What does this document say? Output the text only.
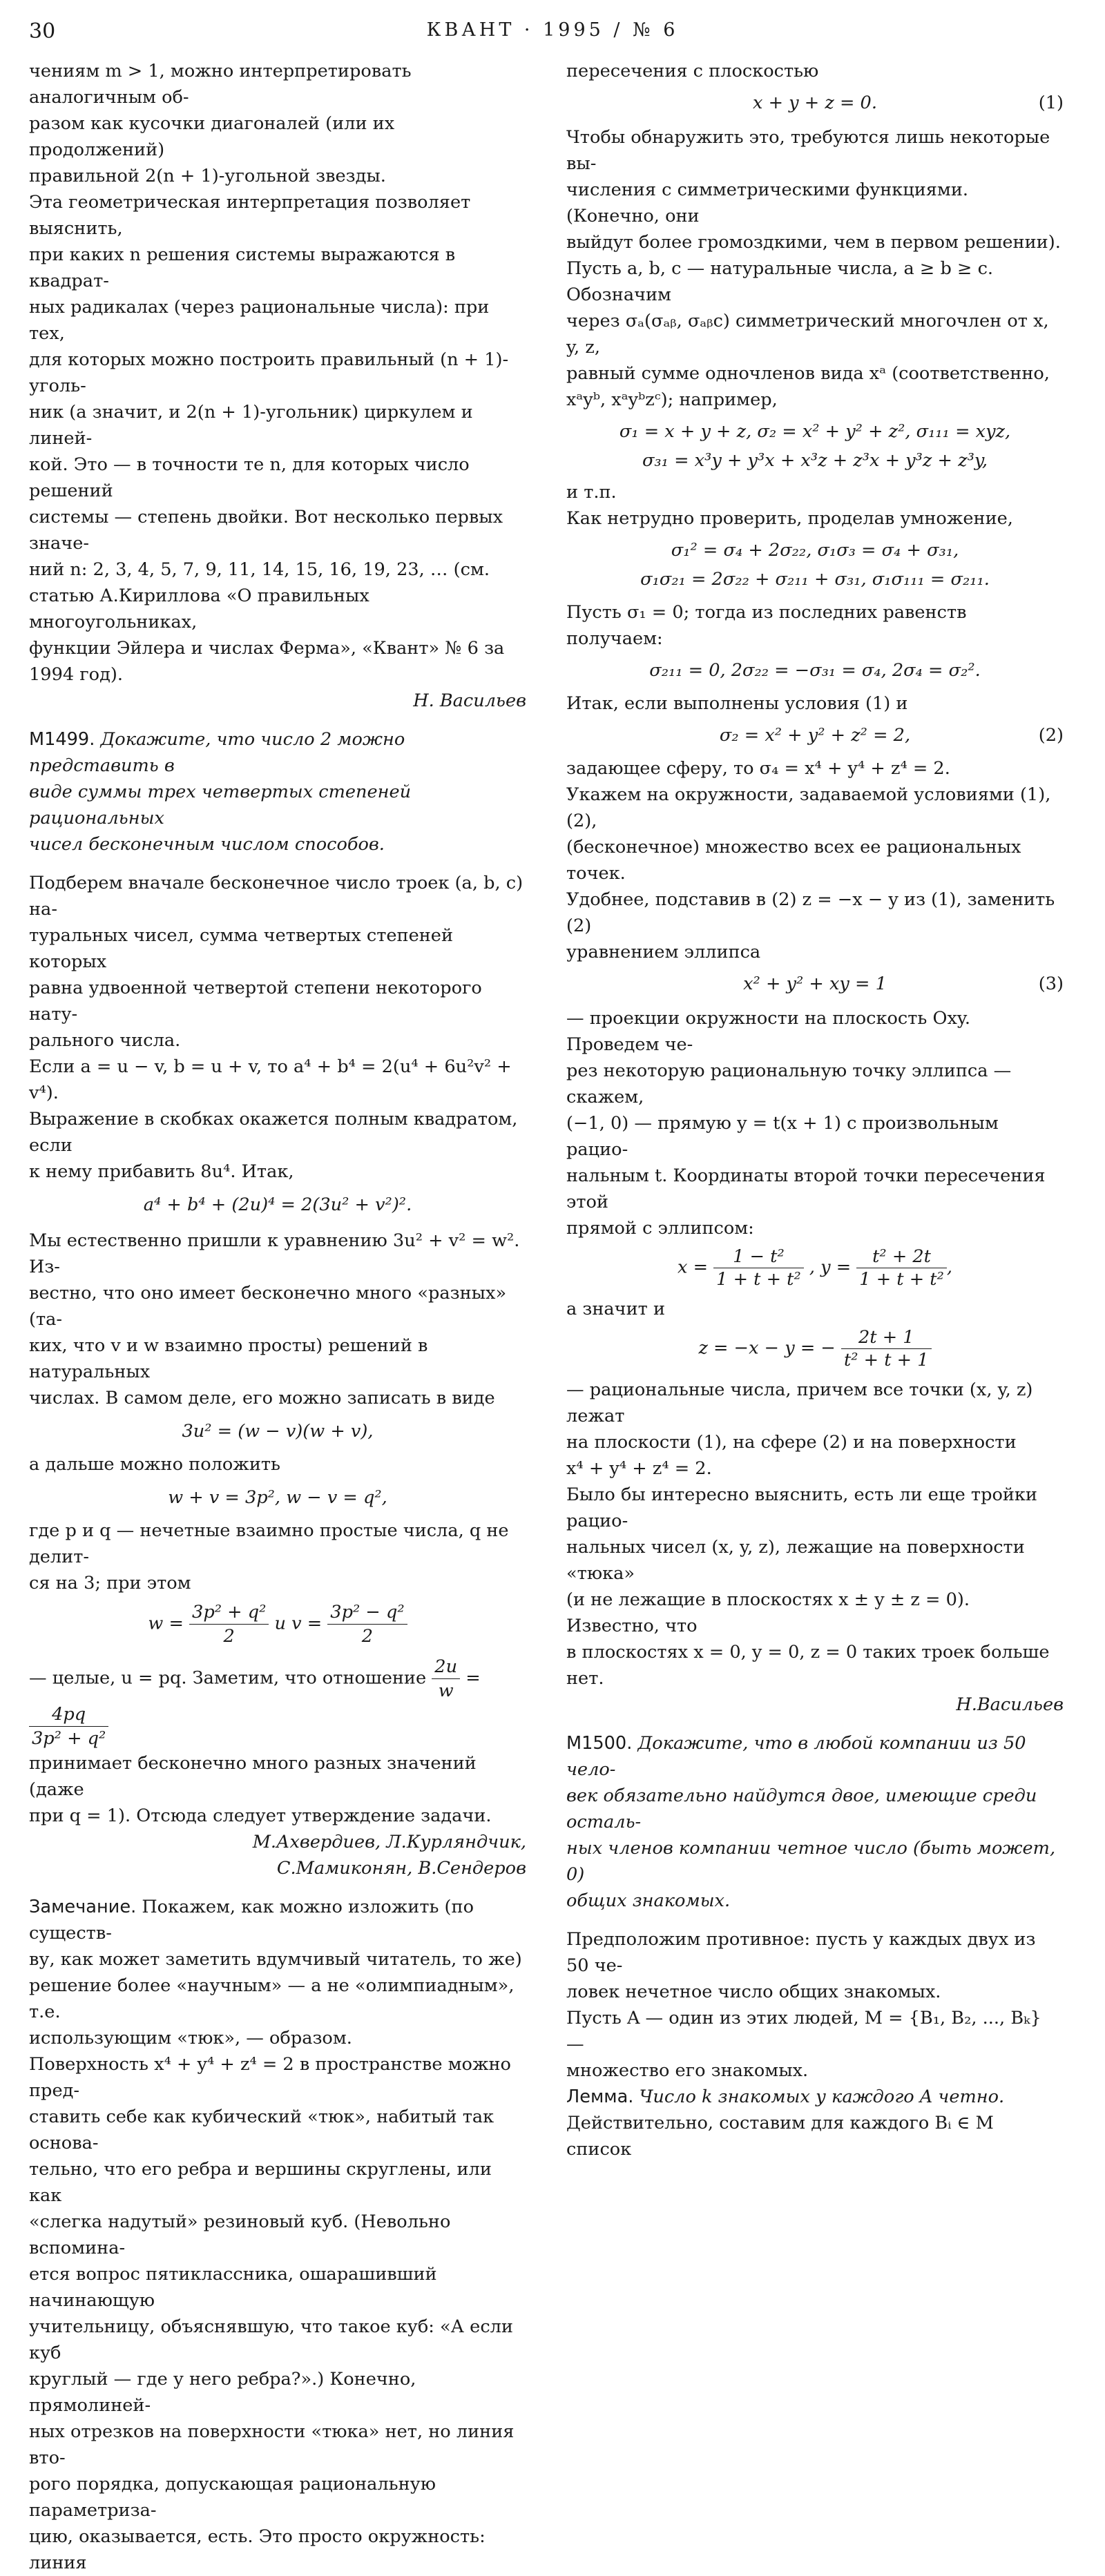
30	КВАНТ · 1995 / № 6

чениям m > 1, можно интерпретировать аналогичным об-
разом как кусочки диагоналей (или их продолжений)
правильной 2(n + 1)-угольной звезды.

Эта геометрическая интерпретация позволяет выяснить,
при каких n решения системы выражаются в квадрат-
ных радикалах (через рациональные числа): при тех,
для которых можно построить правильный (n + 1)-уголь-
ник (а значит, и 2(n + 1)-угольник) циркулем и линей-
кой. Это — в точности те n, для которых число решений
системы — степень двойки. Вот несколько первых значе-
ний n: 2, 3, 4, 5, 7, 9, 11, 14, 15, 16, 19, 23, … (см.
статью А.Кириллова «О правильных многоугольниках,
функции Эйлера и числах Ферма», «Квант» № 6 за
1994 год).

Н. Васильев

М1499. Докажите, что число 2 можно представить в
виде суммы трех четвертых степеней рациональных
чисел бесконечным числом способов.

Подберем вначале бесконечное число троек (a, b, c) на-
туральных чисел, сумма четвертых степеней которых
равна удвоенной четвертой степени некоторого нату-
рального числа.

Если a = u − v, b = u + v, то a⁴ + b⁴ = 2(u⁴ + 6u²v² + v⁴).
Выражение в скобках окажется полным квадратом, если
к нему прибавить 8u⁴. Итак,

a⁴ + b⁴ + (2u)⁴ = 2(3u² + v²)².

Мы естественно пришли к уравнению 3u² + v² = w². Из-
вестно, что оно имеет бесконечно много «разных» (та-
ких, что v и w взаимно просты) решений в натуральных
числах. В самом деле, его можно записать в виде

3u² = (w − v)(w + v),

а дальше можно положить

w + v = 3p², w − v = q²,

где p и q — нечетные взаимно простые числа, q не делит-
ся на 3; при этом

$w = \frac{\text{3p² + q²}}{2}$ и $v = \frac{\text{3p² − q²}}{2}$

— целые, u = pq. Заметим, что отношение $\frac{2u}{w}$ =
$\frac{4pq}{\text{3p² + q²}}$

принимает бесконечно много разных значений (даже
при q = 1). Отсюда следует утверждение задачи.

М.Ахвердиев, Л.Курляндчик,
С.Мамиконян, В.Сендеров

Замечание. Покажем, как можно изложить (по существ-
ву, как может заметить вдумчивый читатель, то же)
решение более «научным» — а не «олимпиадным», т.е.
использующим «тюк», — образом.

Поверхность x⁴ + y⁴ + z⁴ = 2 в пространстве можно пред-
ставить себе как кубический «тюк», набитый так основа-
тельно, что его ребра и вершины скруглены, или как
«слегка надутый» резиновый куб. (Невольно вспомина-
ется вопрос пятиклассника, ошарашивший начинающую
учительницу, объяснявшую, что такое куб: «А если куб
круглый — где у него ребра?».) Конечно, прямолиней-
ных отрезков на поверхности «тюка» нет, но линия вто-
рого порядка, допускающая рациональную параметриза-
цию, оказывается, есть. Это просто окружность: линия

пересечения с плоскостью

x + y + z = 0.	(1)

Чтобы обнаружить это, требуются лишь некоторые вы-
числения с симметрическими функциями. (Конечно, они
выйдут более громоздкими, чем в первом решении).

Пусть a, b, c — натуральные числа, a ≥ b ≥ c. Обозначим
через σₐ(σₐᵦ, σₐᵦc) симметрический многочлен от x, y, z,
равный сумме одночленов вида xᵃ (соответственно,
xᵃyᵇ, xᵃyᵇzᶜ); например,

σ₁ = x + y + z, σ₂ = x² + y² + z², σ₁₁₁ = xyz,

σ₃₁ = x³y + y³x + x³z + z³x + y³z + z³y,

и т.п.

Как нетрудно проверить, проделав умножение,

σ₁² = σ₄ + 2σ₂₂, σ₁σ₃ = σ₄ + σ₃₁,

σ₁σ₂₁ = 2σ₂₂ + σ₂₁₁ + σ₃₁, σ₁σ₁₁₁ = σ₂₁₁.

Пусть σ₁ = 0; тогда из последних равенств получаем:

σ₂₁₁ = 0, 2σ₂₂ = −σ₃₁ = σ₄, 2σ₄ = σ₂².

Итак, если выполнены условия (1) и

σ₂ = x² + y² + z² = 2,	(2)

задающее сферу, то σ₄ = x⁴ + y⁴ + z⁴ = 2.
Укажем на окружности, задаваемой условиями (1), (2),
(бесконечное) множество всех ее рациональных точек.
Удобнее, подставив в (2) z = −x − y из (1), заменить (2)
уравнением эллипса

x² + y² + xy = 1	(3)

— проекции окружности на плоскость Oxy. Проведем че-
рез некоторую рациональную точку эллипса — скажем,
(−1, 0) — прямую y = t(x + 1) с произвольным рацио-
нальным t. Координаты второй точки пересечения этой
прямой с эллипсом:

$x = \frac{\text{1 − t²}}{\text{1 + t + t²}}$ , $y = \frac{\text{t² + 2t}}{\text{1 + t + t²}}$ ,

а значит и

z = −x − y = − $\frac{2t + 1}{\text{t² + t + 1}}$

— рациональные числа, причем все точки (x, y, z) лежат
на плоскости (1), на сфере (2) и на поверхности
x⁴ + y⁴ + z⁴ = 2.

Было бы интересно выяснить, есть ли еще тройки рацио-
нальных чисел (x, y, z), лежащие на поверхности «тюка»
(и не лежащие в плоскостях x ± y ± z = 0). Известно, что
в плоскостях x = 0, y = 0, z = 0 таких троек больше нет.

Н.Васильев

М1500. Докажите, что в любой компании из 50 чело-
век обязательно найдутся двое, имеющие среди осталь-
ных членов компании четное число (быть может, 0)
общих знакомых.

Предположим противное: пусть у каждых двух из 50 че-
ловек нечетное число общих знакомых.

Пусть A — один из этих людей, M = {B₁, B₂, ..., Bₖ} —
множество его знакомых.

Лемма. Число k знакомых у каждого A четно.

Действительно, составим для каждого Bᵢ ∈ M список
